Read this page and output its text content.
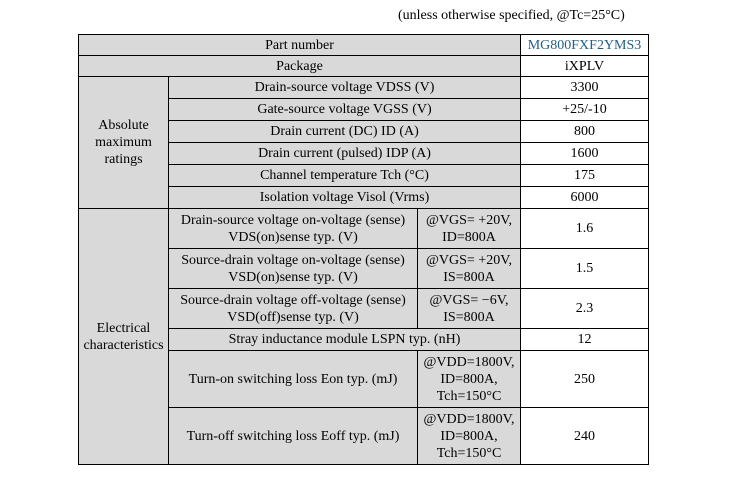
(unless otherwise specified, @Tc=25°C)
Part number			MG800FXF2YMS3
Package			iXPLV
Absolute maximum ratings	Drain-source voltage VDSS (V)		3300
	Gate-source voltage VGSS (V)		+25/-10
	Drain current (DC) ID (A)		800
	Drain current (pulsed) IDP (A)		1600
	Channel temperature Tch (°C)		175
	Isolation voltage Visol (Vrms)		6000
Electrical characteristics	Drain-source voltage on-voltage (sense) VDS(on)sense typ. (V)	@VGS= +20V, ID=800A	1.6
	Source-drain voltage on-voltage (sense) VSD(on)sense typ. (V)	@VGS= +20V, IS=800A	1.5
	Source-drain voltage off-voltage (sense) VSD(off)sense typ. (V)	@VGS= −6V, IS=800A	2.3
	Stray inductance module LSPN typ. (nH)		12
	Turn-on switching loss Eon typ. (mJ)	@VDD=1800V, ID=800A, Tch=150°C	250
	Turn-off switching loss Eoff typ. (mJ)	@VDD=1800V, ID=800A, Tch=150°C	240
